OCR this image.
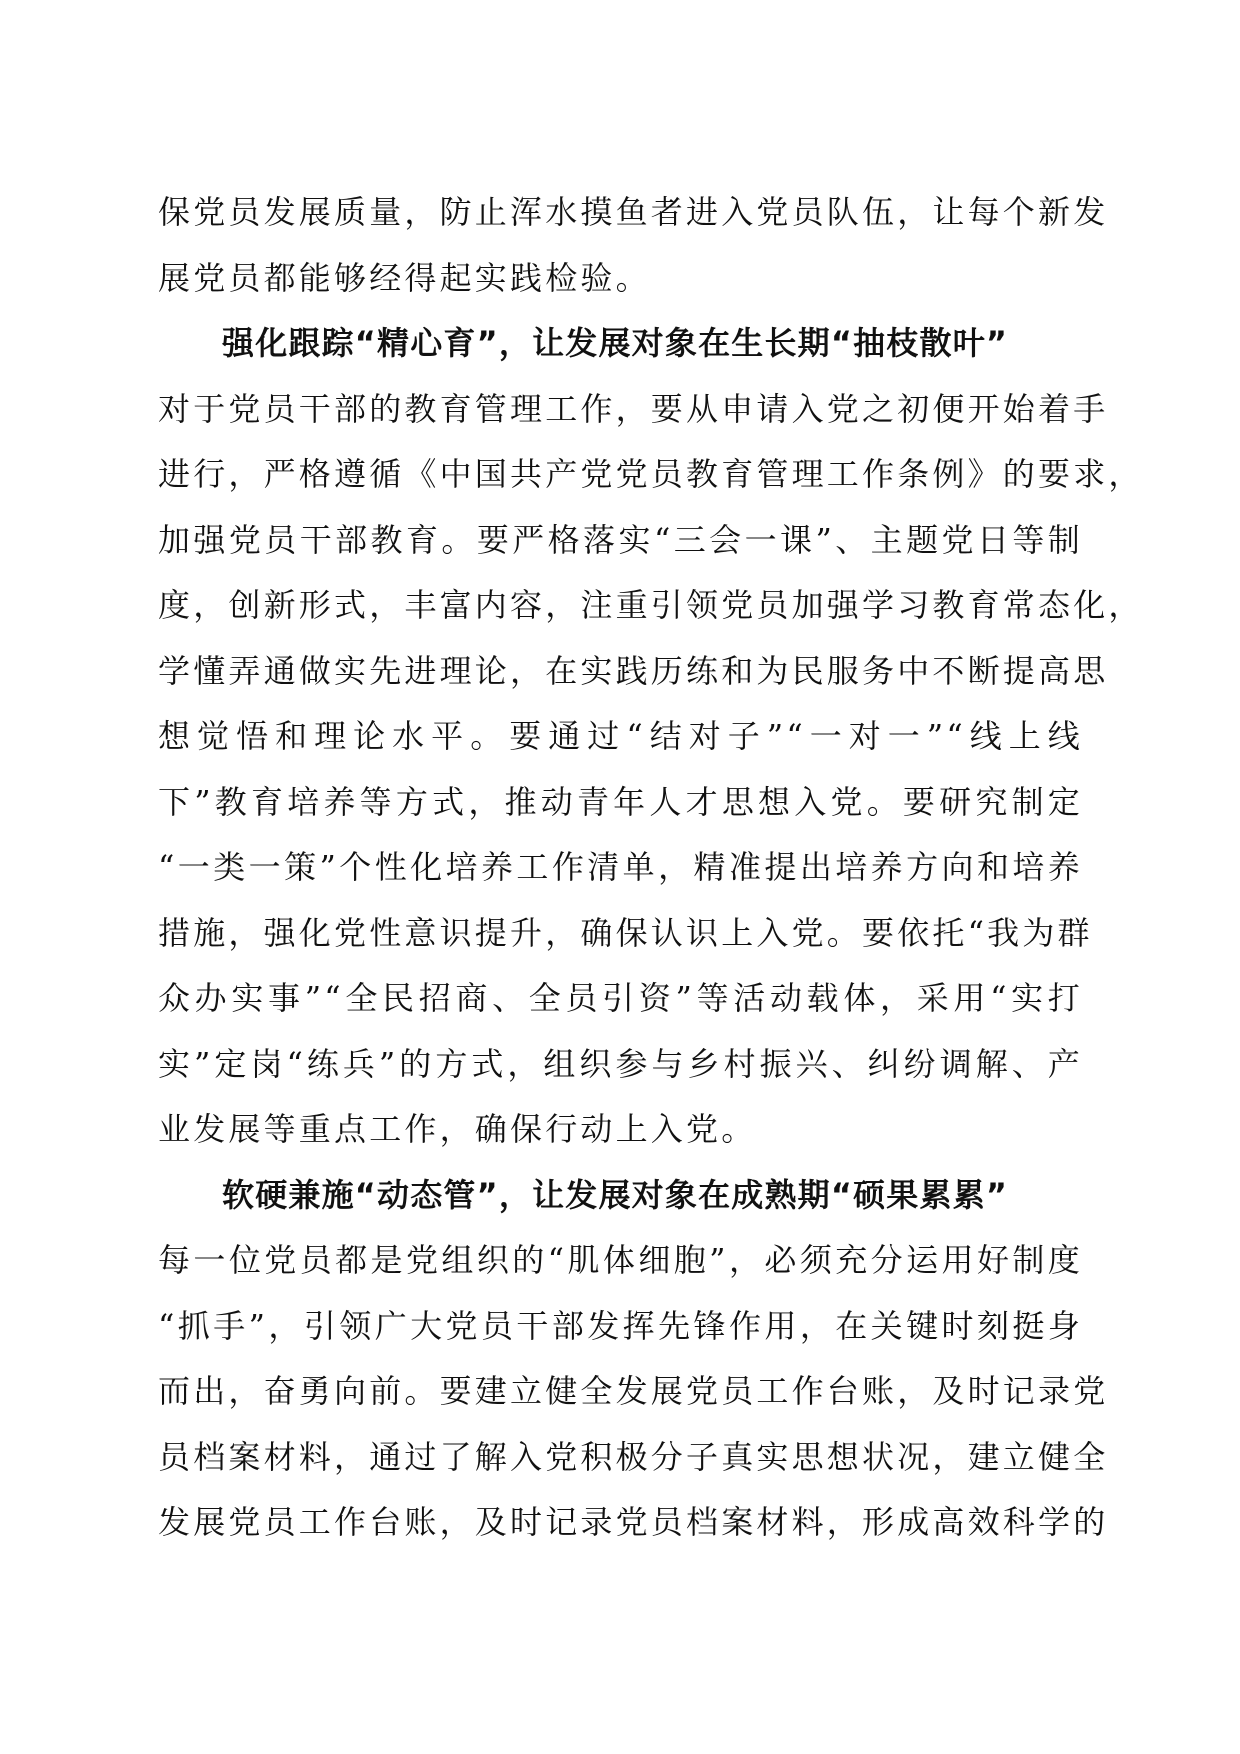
保党员发展质量，防止浑水摸鱼者进入党员队伍，让每个新发
展党员都能够经得起实践检验。
强化跟踪“精心育”，让发展对象在生长期“抽枝散叶”
对于党员干部的教育管理工作，要从申请入党之初便开始着手
进行，严格遵循《中国共产党党员教育管理工作条例》的要求，
加强党员干部教育。要严格落实“三会一课”、主题党日等制
度，创新形式，丰富内容，注重引领党员加强学习教育常态化，
学懂弄通做实先进理论，在实践历练和为民服务中不断提高思
想觉悟和理论水平。要通过“结对子”“一对一”“线上线
下”教育培养等方式，推动青年人才思想入党。要研究制定
“一类一策”个性化培养工作清单，精准提出培养方向和培养
措施，强化党性意识提升，确保认识上入党。要依托“我为群
众办实事”“全民招商、全员引资”等活动载体，采用“实打
实”定岗“练兵”的方式，组织参与乡村振兴、纠纷调解、产
业发展等重点工作，确保行动上入党。
软硬兼施“动态管”，让发展对象在成熟期“硕果累累”
每一位党员都是党组织的“肌体细胞”，必须充分运用好制度
“抓手”，引领广大党员干部发挥先锋作用，在关键时刻挺身
而出，奋勇向前。要建立健全发展党员工作台账，及时记录党
员档案材料，通过了解入党积极分子真实思想状况，建立健全
发展党员工作台账，及时记录党员档案材料，形成高效科学的
